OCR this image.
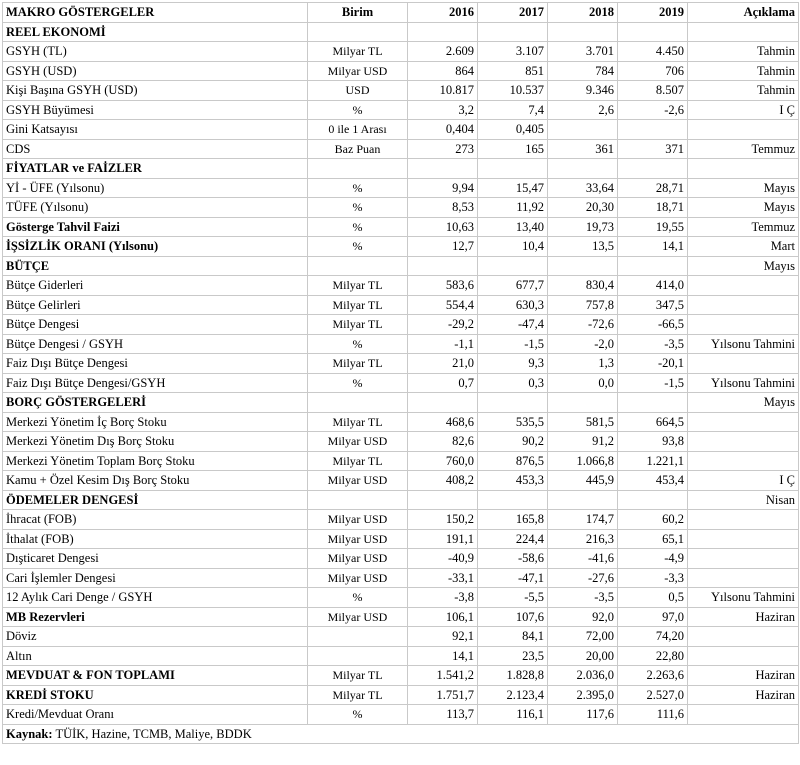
MAKRO GÖSTERGELER	Birim	2016	2017	2018	2019	Açıklama
REEL EKONOMİ						
GSYH (TL)	Milyar TL	2.609	3.107	3.701	4.450	Tahmin
GSYH (USD)	Milyar USD	864	851	784	706	Tahmin
Kişi Başına GSYH (USD)	USD	10.817	10.537	9.346	8.507	Tahmin
GSYH Büyümesi	%	3,2	7,4	2,6	-2,6	I Ç
Gini Katsayısı	0 ile 1 Arası	0,404	0,405			
CDS	Baz Puan	273	165	361	371	Temmuz
FİYATLAR ve FAİZLER						
Yİ - ÜFE (Yılsonu)	%	9,94	15,47	33,64	28,71	Mayıs
TÜFE (Yılsonu)	%	8,53	11,92	20,30	18,71	Mayıs
Gösterge Tahvil Faizi	%	10,63	13,40	19,73	19,55	Temmuz
İŞSİZLİK ORANI (Yılsonu)	%	12,7	10,4	13,5	14,1	Mart
BÜTÇE						Mayıs
Bütçe Giderleri	Milyar TL	583,6	677,7	830,4	414,0	
Bütçe Gelirleri	Milyar TL	554,4	630,3	757,8	347,5	
Bütçe Dengesi	Milyar TL	-29,2	-47,4	-72,6	-66,5	
Bütçe Dengesi / GSYH	%	-1,1	-1,5	-2,0	-3,5	Yılsonu Tahmini
Faiz Dışı Bütçe Dengesi	Milyar TL	21,0	9,3	1,3	-20,1	
Faiz Dışı Bütçe Dengesi/GSYH	%	0,7	0,3	0,0	-1,5	Yılsonu Tahmini
BORÇ GÖSTERGELERİ						Mayıs
Merkezi Yönetim İç Borç Stoku	Milyar TL	468,6	535,5	581,5	664,5	
Merkezi Yönetim Dış Borç Stoku	Milyar USD	82,6	90,2	91,2	93,8	
Merkezi Yönetim Toplam Borç Stoku	Milyar TL	760,0	876,5	1.066,8	1.221,1	
Kamu + Özel Kesim Dış Borç Stoku	Milyar USD	408,2	453,3	445,9	453,4	I Ç
ÖDEMELER DENGESİ						Nisan
İhracat (FOB)	Milyar USD	150,2	165,8	174,7	60,2	
İthalat (FOB)	Milyar USD	191,1	224,4	216,3	65,1	
Dışticaret Dengesi	Milyar USD	-40,9	-58,6	-41,6	-4,9	
Cari İşlemler Dengesi	Milyar USD	-33,1	-47,1	-27,6	-3,3	
12 Aylık Cari Denge / GSYH	%	-3,8	-5,5	-3,5	0,5	Yılsonu Tahmini
MB Rezervleri	Milyar USD	106,1	107,6	92,0	97,0	Haziran
Döviz		92,1	84,1	72,00	74,20	
Altın		14,1	23,5	20,00	22,80	
MEVDUAT & FON TOPLAMI	Milyar TL	1.541,2	1.828,8	2.036,0	2.263,6	Haziran
KREDİ STOKU	Milyar TL	1.751,7	2.123,4	2.395,0	2.527,0	Haziran
Kredi/Mevduat Oranı	%	113,7	116,1	117,6	111,6	
Kaynak: TÜİK, Hazine, TCMB, Maliye, BDDK						
